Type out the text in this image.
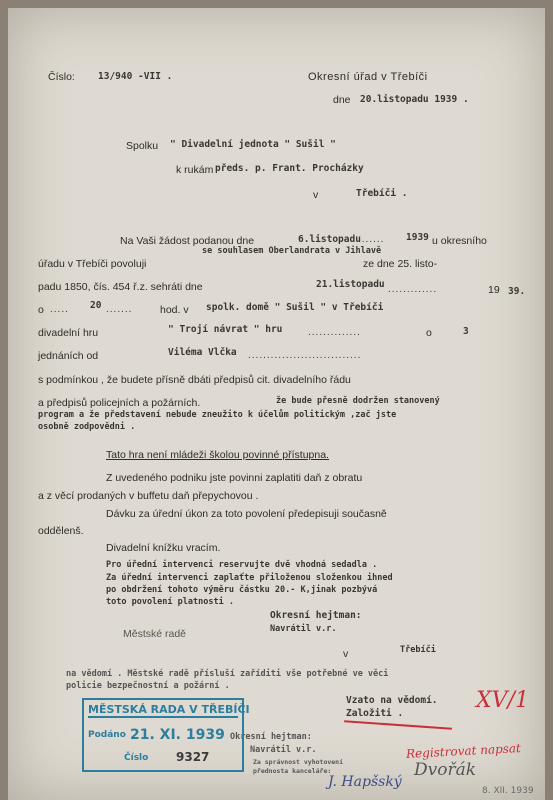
Číslo: 13/940 -VII .	Okresní úřad v Třebíči
dne 20.listopadu 1939 .
Spolku " Divadelní jednota " Sušil "
k rukám předs. p. Frant. Procházky
v	Třebíči .
Na Vaši žádost podanou dne	6.listopadu
....... 1939 u okresního
se souhlasem Oberlandrata v Jihlavě
úřadu v Třebíči povoluji	ze dne 25. listo-
padu 1850, čís. 454 ř.z. sehráti dne	21.listopadu .............	19 39.
o ..... 20 .......	hod. v spolk. domě " Sušil " v Třebíči
divadelní hru	" Trojí návrat " hru	..............	o	3
jednáních od	Viléma Vlčka ..............................
s podmínkou , že budete přísně dbáti předpisů cit. divadelního řádu
a předpisů policejních a požárních.	že bude přesně dodržen stanovený
program a že představení nebude zneužito k účelům politickým ,zač jste
osobně zodpovědni .
Tato hra není mládeži školou povinné přístupna.
Z uvedeného podniku jste povinni zaplatiti daň z obratu
a z věcí prodaných v buffetu daň přepychovou .
Dávku za úřední úkon za toto povolení předepisuji současně
oddělenš.
Divadelní knížku vracím.
Pro úřední intervenci reservujte dvě vhodná sedadla .
Za úřední intervenci zaplaťte přiloženou složenkou ihned
po obdržení tohoto výměru částku 20.- K,jinak pozbývá
toto povolení platnosti .
Okresní hejtman:
Navrátil v.r.
Městské radě
v	Třebíči
na vědomí . Městské radě přísluší zaříditi vše potřebné ve věci
policie bezpečnostní a požární .
Vzato na vědomí.
Založiti .
Okresní hejtman:
Navrátil v.r.
Za správnost vyhotovení
přednosta kanceláře:
XV/1
Registrovat napsat
Dvořák
J. Hapšský
8. XII. 1939
MĚSTSKÁ RADA V TŘEBÍČI
Podáno 21. XI. 1939
Číslo 9327
